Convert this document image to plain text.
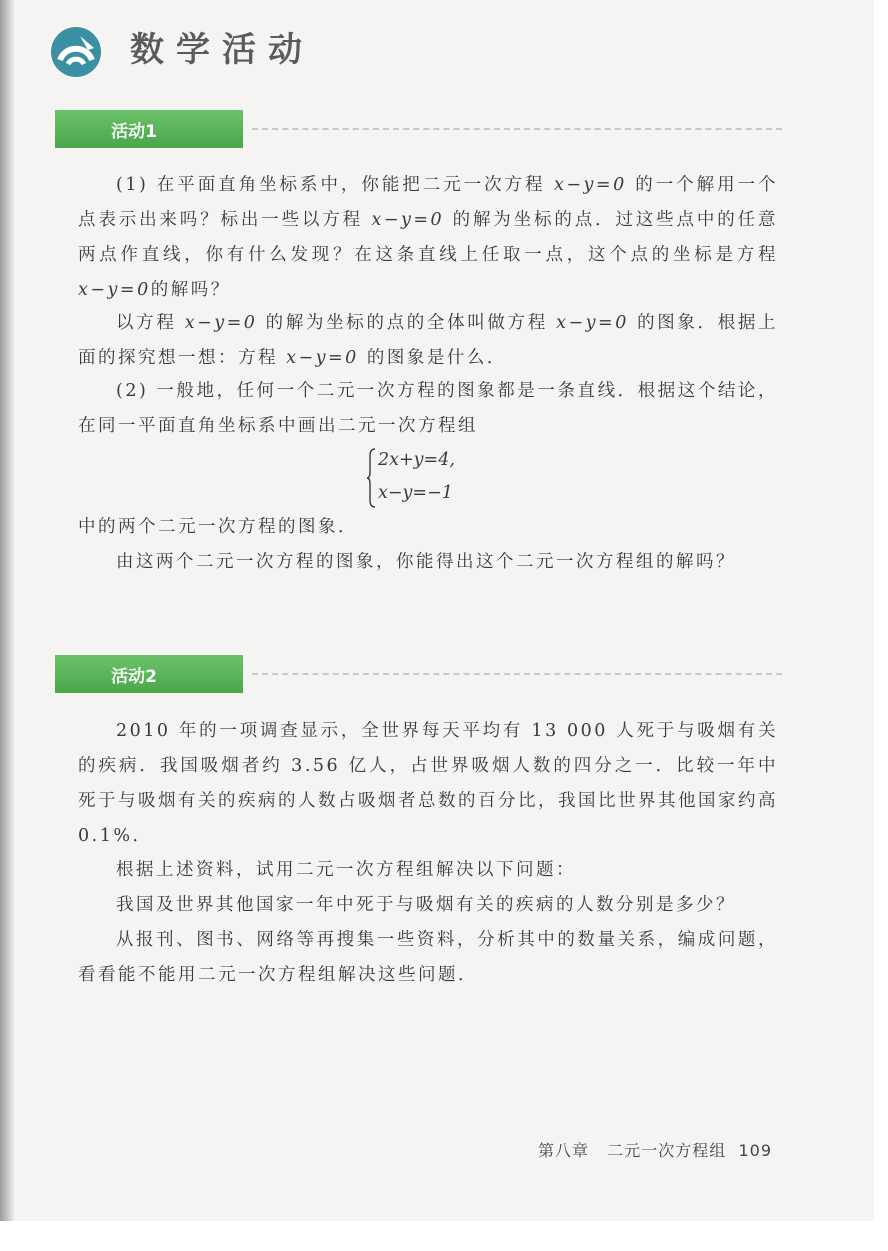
数学活动
活动1

(1) 在平面直角坐标系中，你能把二元一次方程 x−y=0 的一个解用一个点表示出来吗？标出一些以方程 x−y=0 的解为坐标的点．过这些点中的任意两点作直线，你有什么发现？在这条直线上任取一点，这个点的坐标是方程x−y=0的解吗？

以方程 x−y=0 的解为坐标的点的全体叫做方程 x−y=0 的图象．根据上面的探究想一想：方程 x−y=0 的图象是什么．

(2) 一般地，任何一个二元一次方程的图象都是一条直线．根据这个结论，在同一平面直角坐标系中画出二元一次方程组

2x+y=4,
x−y=−1

中的两个二元一次方程的图象．

由这两个二元一次方程的图象，你能得出这个二元一次方程组的解吗？

活动2

2010 年的一项调查显示，全世界每天平均有 13 000 人死于与吸烟有关的疾病．我国吸烟者约 3.56 亿人，占世界吸烟人数的四分之一．比较一年中死于与吸烟有关的疾病的人数占吸烟者总数的百分比，我国比世界其他国家约高 0.1%．

根据上述资料，试用二元一次方程组解决以下问题：

我国及世界其他国家一年中死于与吸烟有关的疾病的人数分别是多少？

从报刊、图书、网络等再搜集一些资料，分析其中的数量关系，编成问题，看看能不能用二元一次方程组解决这些问题．

第八章 二元一次方程组 109
